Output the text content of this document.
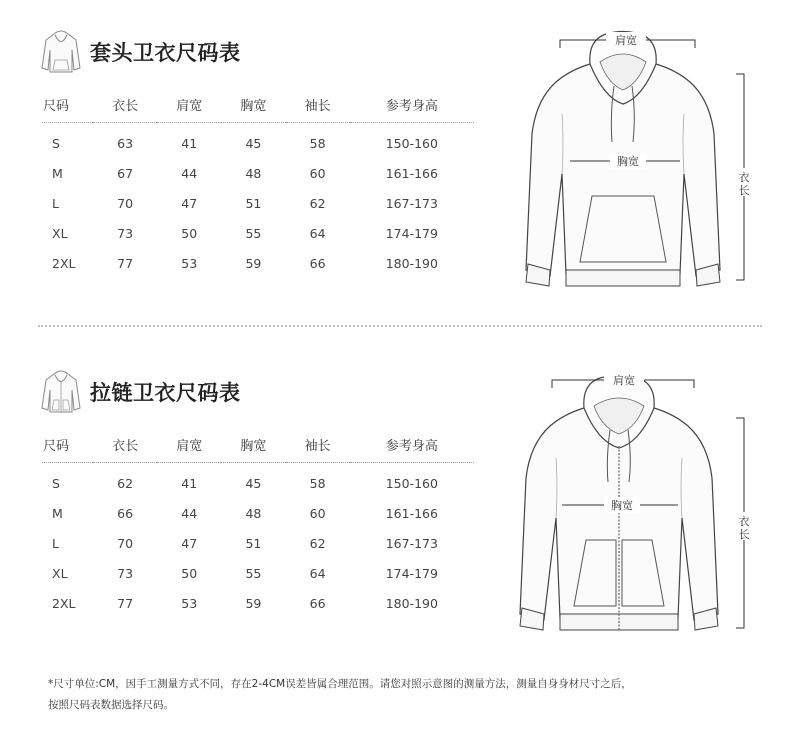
套头卫衣尺码表
尺码	衣长	肩宽	胸宽	袖长	参考身高
S	63	41	45	58	150-160
M	67	44	48	60	161-166
L	70	47	51	62	167-173
XL	73	50	55	64	174-179
2XL	77	53	59	66	180-190
肩宽
胸宽
衣
长
拉链卫衣尺码表
尺码	衣长	肩宽	胸宽	袖长	参考身高
S	62	41	45	58	150-160
M	66	44	48	60	161-166
L	70	47	51	62	167-173
XL	73	50	55	64	174-179
2XL	77	53	59	66	180-190
肩宽
胸宽
衣
长
*尺寸单位:CM，因手工测量方式不同，存在2-4CM误差皆属合理范围。请您对照示意图的测量方法，测量自身身材尺寸之后，
按照尺码表数据选择尺码。
